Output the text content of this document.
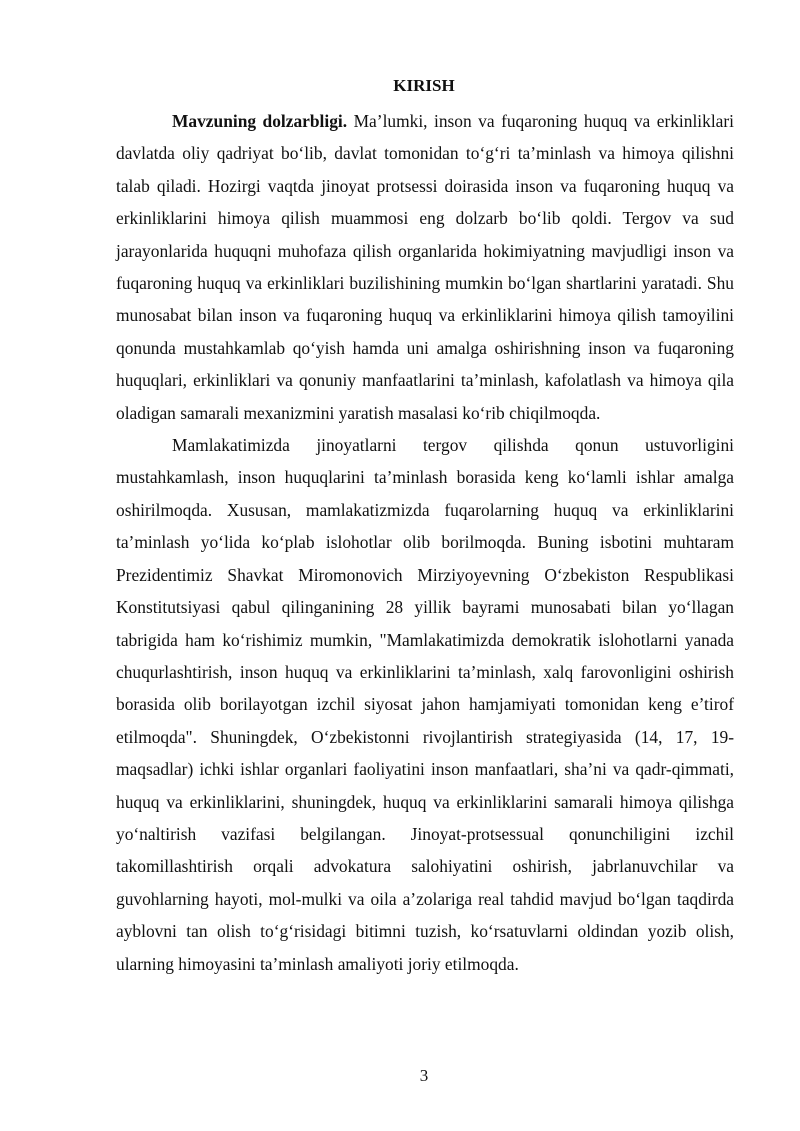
KIRISH

Mavzuning dolzarbligi. Ma’lumki, inson va fuqaroning huquq va erkinliklari davlatda oliy qadriyat bo‘lib, davlat tomonidan to‘g‘ri ta’minlash va himoya qilishni talab qiladi. Hozirgi vaqtda jinoyat protsessi doirasida inson va fuqaroning huquq va erkinliklarini himoya qilish muammosi eng dolzarb bo‘lib qoldi. Tergov va sud jarayonlarida huquqni muhofaza qilish organlarida hokimiyatning mavjudligi inson va fuqaroning huquq va erkinliklari buzilishining mumkin bo‘lgan shartlarini yaratadi. Shu munosabat bilan inson va fuqaroning huquq va erkinliklarini himoya qilish tamoyilini qonunda mustahkamlab qo‘yish hamda uni amalga oshirishning inson va fuqaroning huquqlari, erkinliklari va qonuniy manfaatlarini ta’minlash, kafolatlash va himoya qila oladigan samarali mexanizmini yaratish masalasi ko‘rib chiqilmoqda.

Mamlakatimizda jinoyatlarni tergov qilishda qonun ustuvorligini mustahkamlash, inson huquqlarini ta’minlash borasida keng ko‘lamli ishlar amalga oshirilmoqda. Xususan, mamlakatizmizda fuqarolarning huquq va erkinliklarini ta’minlash yo‘lida ko‘plab islohotlar olib borilmoqda. Buning isbotini muhtaram Prezidentimiz Shavkat Miromonovich Mirziyoyevning O‘zbekiston Respublikasi Konstitutsiyasi qabul qilinganining 28 yillik bayrami munosabati bilan yo‘llagan tabrigida ham ko‘rishimiz mumkin, "Mamlakatimizda demokratik islohotlarni yanada chuqurlashtirish, inson huquq va erkinliklarini ta’minlash, xalq farovonligini oshirish borasida olib borilayotgan izchil siyosat jahon hamjamiyati tomonidan keng e’tirof etilmoqda". Shuningdek, O‘zbekistonni rivojlantirish strategiyasida (14, 17, 19-maqsadlar) ichki ishlar organlari faoliyatini inson manfaatlari, sha’ni va qadr-qimmati, huquq va erkinliklarini, shuningdek, huquq va erkinliklarini samarali himoya qilishga yo‘naltirish vazifasi belgilangan. Jinoyat-protsessual qonunchiligini izchil takomillashtirish orqali advokatura salohiyatini oshirish, jabrlanuvchilar va guvohlarning hayoti, mol-mulki va oila a’zolariga real tahdid mavjud bo‘lgan taqdirda ayblovni tan olish to‘g‘risidagi bitimni tuzish, ko‘rsatuvlarni oldindan yozib olish, ularning himoyasini ta’minlash amaliyoti joriy etilmoqda.

3
